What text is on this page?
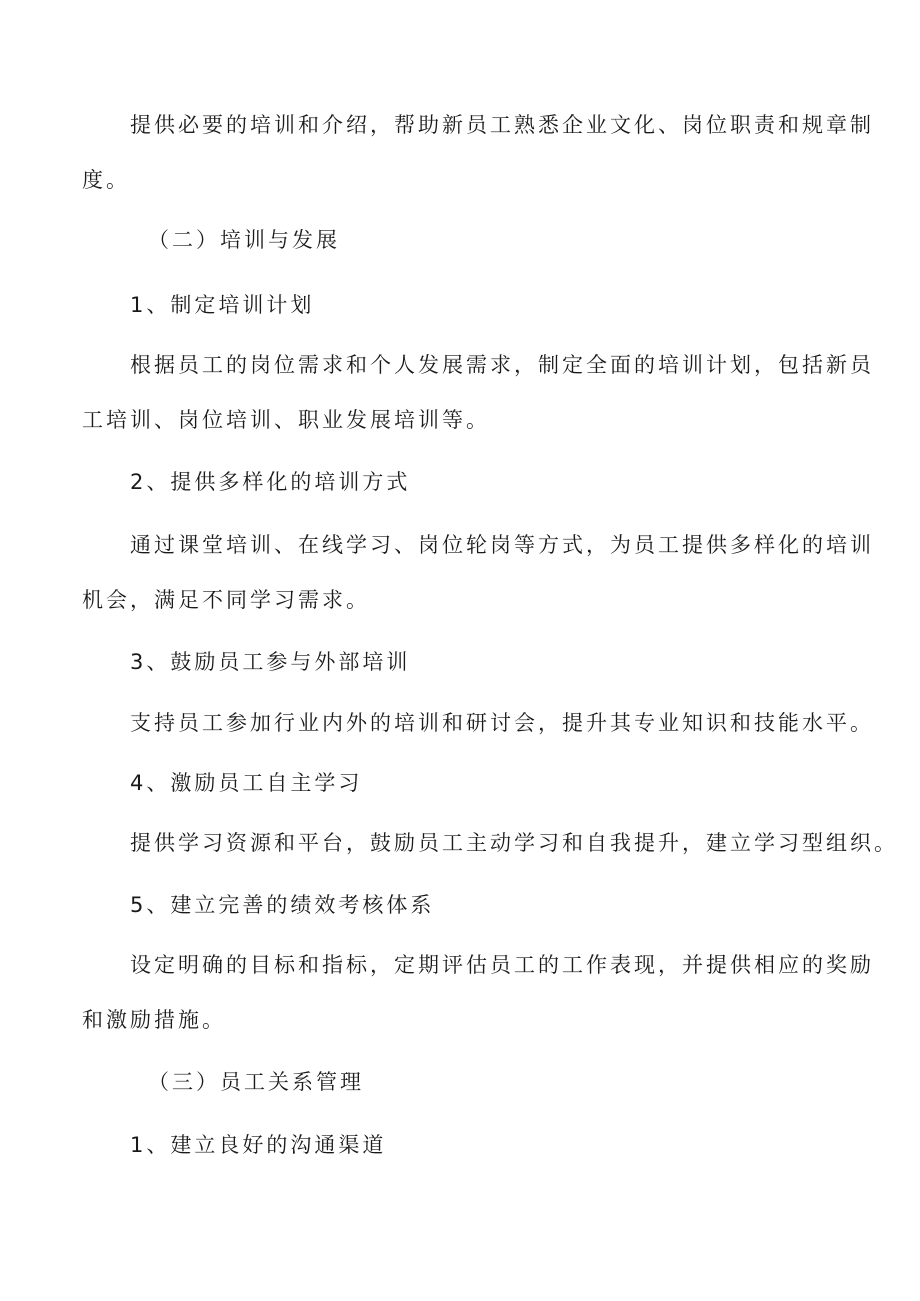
提供必要的培训和介绍，帮助新员工熟悉企业文化、岗位职责和规章制
度。
（二）培训与发展
1、制定培训计划
根据员工的岗位需求和个人发展需求，制定全面的培训计划，包括新员
工培训、岗位培训、职业发展培训等。
2、提供多样化的培训方式
通过课堂培训、在线学习、岗位轮岗等方式，为员工提供多样化的培训
机会，满足不同学习需求。
3、鼓励员工参与外部培训
支持员工参加行业内外的培训和研讨会，提升其专业知识和技能水平。
4、激励员工自主学习
提供学习资源和平台，鼓励员工主动学习和自我提升，建立学习型组织。
5、建立完善的绩效考核体系
设定明确的目标和指标，定期评估员工的工作表现，并提供相应的奖励
和激励措施。
（三）员工关系管理
1、建立良好的沟通渠道
